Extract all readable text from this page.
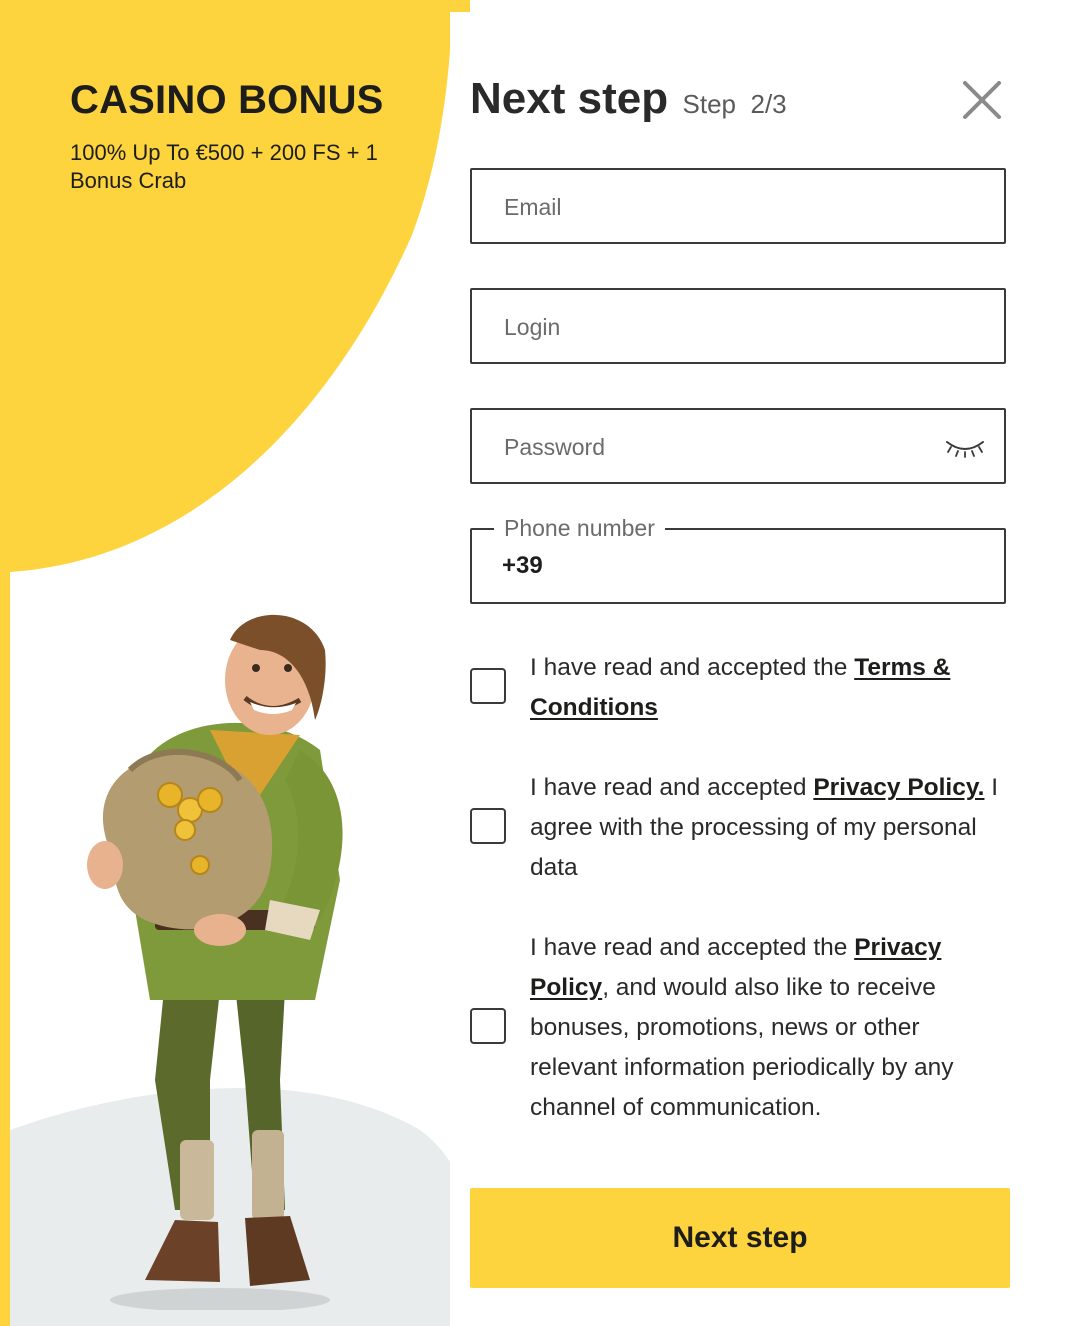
CASINO BONUS
100% Up To €500 + 200 FS + 1 Bonus Crab
Next step Step 2/3
Email
Login
Phone number
+39
I have read and accepted the Terms & Conditions
I have read and accepted Privacy Policy. I agree with the processing of my personal data
I have read and accepted the Privacy Policy, and would also like to receive bonuses, promotions, news or other relevant information periodically by any channel of communication.
Next step
